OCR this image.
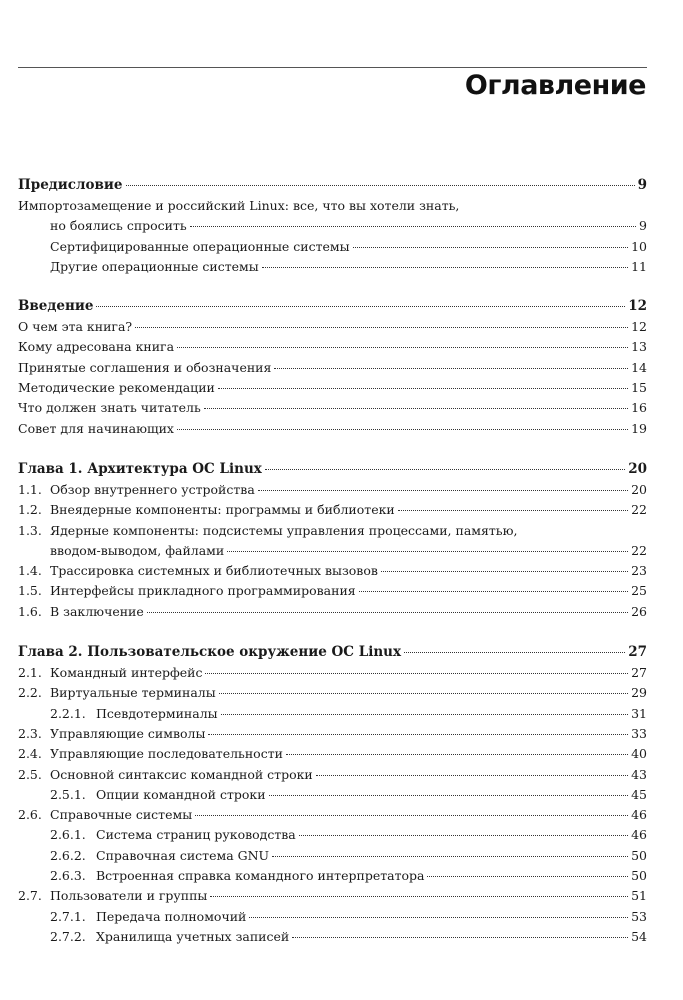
Оглавление
Предисловие	9
Импортозамещение и российский Linux: все, что вы хотели знать,
но боялись спросить	9
Сертифицированные операционные системы	10
Другие операционные системы	11
Введение	12
О чем эта книга?	12
Кому адресована книга	13
Принятые соглашения и обозначения	14
Методические рекомендации	15
Что должен знать читатель	16
Совет для начинающих	19
Глава 1. Архитектура ОС Linux	20
1.1. Обзор внутреннего устройства	20
1.2. Внеядерные компоненты: программы и библиотеки	22
1.3. Ядерные компоненты: подсистемы управления процессами, памятью,
вводом-выводом, файлами	22
1.4. Трассировка системных и библиотечных вызовов	23
1.5. Интерфейсы прикладного программирования	25
1.6. В заключение	26
Глава 2. Пользовательское окружение ОС Linux	27
2.1. Командный интерфейс	27
2.2. Виртуальные терминалы	29
2.2.1. Псевдотерминалы	31
2.3. Управляющие символы	33
2.4. Управляющие последовательности	40
2.5. Основной синтаксис командной строки	43
2.5.1. Опции командной строки	45
2.6. Справочные системы	46
2.6.1. Система страниц руководства	46
2.6.2. Справочная система GNU	50
2.6.3. Встроенная справка командного интерпретатора	50
2.7. Пользователи и группы	51
2.7.1. Передача полномочий	53
2.7.2. Хранилища учетных записей	54
